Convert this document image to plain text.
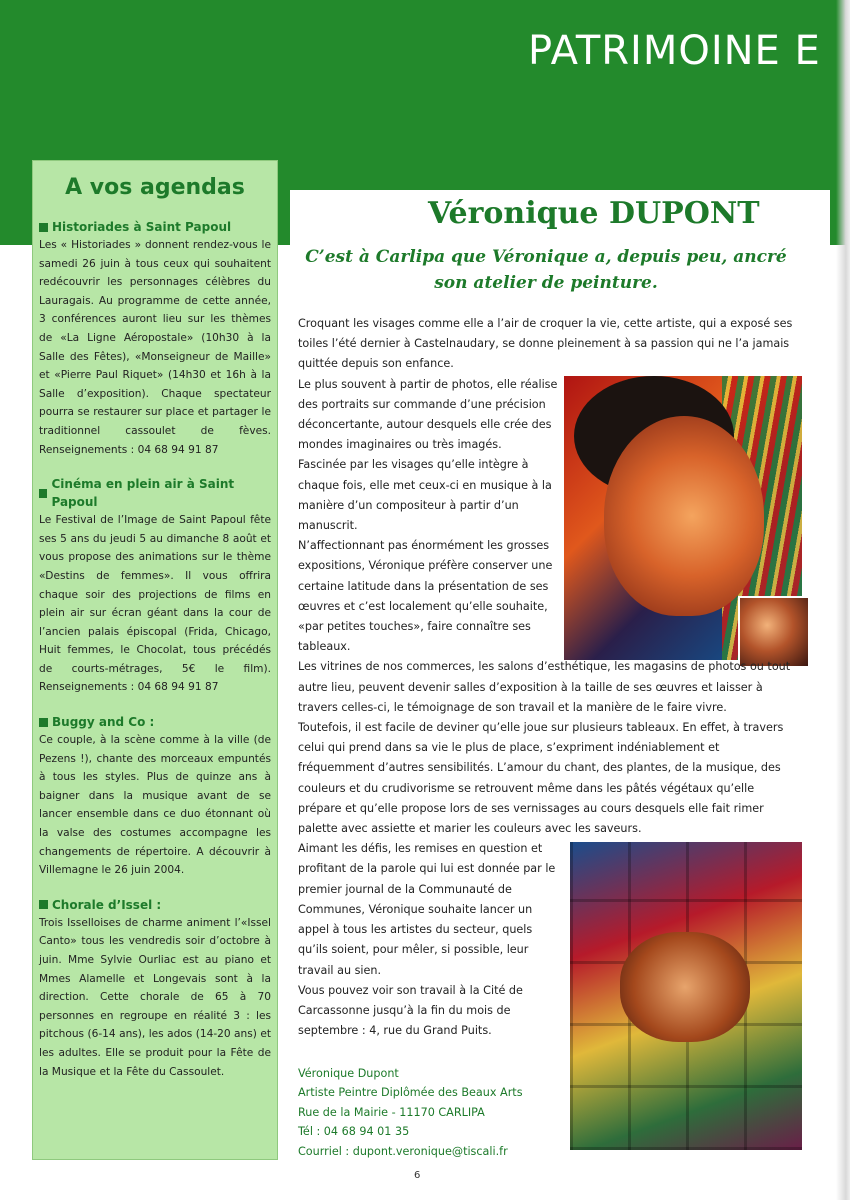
PATRIMOINE E
A vos agendas
Historiades à Saint Papoul

Les « Historiades » donnent rendez-vous le samedi 26 juin à tous ceux qui souhaitent redécouvrir les personnages célèbres du Lauragais. Au programme de cette année, 3 conférences auront lieu sur les thèmes de «La Ligne Aéropostale» (10h30 à la Salle des Fêtes), «Monseigneur de Maille» et «Pierre Paul Riquet» (14h30 et 16h à la Salle d’exposition). Chaque spectateur pourra se restaurer sur place et partager le traditionnel cassoulet de fèves. Renseignements : 04 68 94 91 87

Cinéma en plein air à Saint Papoul

Le Festival de l’Image de Saint Papoul fête ses 5 ans du jeudi 5 au dimanche 8 août et vous propose des animations sur le thème «Destins de femmes». Il vous offrira chaque soir des projections de films en plein air sur écran géant dans la cour de l’ancien palais épiscopal (Frida, Chicago, Huit femmes, le Chocolat, tous précédés de courts-métrages, 5€ le film). Renseignements : 04 68 94 91 87

Buggy and Co :

Ce couple, à la scène comme à la ville (de Pezens !), chante des morceaux empuntés à tous les styles. Plus de quinze ans à baigner dans la musique avant de se lancer ensemble dans ce duo étonnant où la valse des costumes accompagne les changements de répertoire. A découvrir à Villemagne le 26 juin 2004.

Chorale d’Issel :

Trois Isselloises de charme animent l’«Issel Canto» tous les vendredis soir d’octobre à juin. Mme Sylvie Ourliac est au piano et Mmes Alamelle et Longevais sont à la direction. Cette chorale de 65 à 70 personnes en regroupe en réalité 3 : les pitchous (6-14 ans), les ados (14-20 ans) et les adultes. Elle se produit pour la Fête de la Musique et la Fête du Cassoulet.

Véronique DUPONT

C’est à Carlipa que Véronique a, depuis peu, ancré son atelier de peinture.

Croquant les visages comme elle a l’air de croquer la vie, cette artiste, qui a exposé ses toiles l’été dernier à Castelnaudary, se donne pleinement à sa passion qui ne l’a jamais quittée depuis son enfance.

Le plus souvent à partir de photos, elle réalise des portraits sur commande d’une précision déconcertante, autour desquels elle crée des mondes imaginaires ou très imagés.

Fascinée par les visages qu’elle intègre à chaque fois, elle met ceux-ci en musique à la manière d’un compositeur à partir d’un manuscrit.

N’affectionnant pas énormément les grosses expositions, Véronique préfère conserver une certaine latitude dans la présentation de ses œuvres et c’est localement qu’elle souhaite, «par petites touches», faire connaître ses tableaux.

Les vitrines de nos commerces, les salons d’esthétique, les magasins de photos ou tout autre lieu, peuvent devenir salles d’exposition à la taille de ses œuvres et laisser à travers celles-ci, le témoignage de son travail et la manière de le faire vivre.

Toutefois, il est facile de deviner qu’elle joue sur plusieurs tableaux. En effet, à travers celui qui prend dans sa vie le plus de place, s’expriment indéniablement et fréquemment d’autres sensibilités. L’amour du chant, des plantes, de la musique, des couleurs et du crudivorisme se retrouvent même dans les pâtés végétaux qu’elle prépare et qu’elle propose lors de ses vernissages au cours desquels elle fait rimer palette avec assiette et marier les couleurs avec les saveurs.

Aimant les défis, les remises en question et profitant de la parole qui lui est donnée par le premier journal de la Communauté de Communes, Véronique souhaite lancer un appel à tous les artistes du secteur, quels qu’ils soient, pour mêler, si possible, leur travail au sien.

Vous pouvez voir son travail à la Cité de Carcassonne jusqu’à la fin du mois de septembre : 4, rue du Grand Puits.

Véronique Dupont
Artiste Peintre Diplômée des Beaux Arts
Rue de la Mairie - 11170 CARLIPA
Tél : 04 68 94 01 35
Courriel : dupont.veronique@tiscali.fr
6
